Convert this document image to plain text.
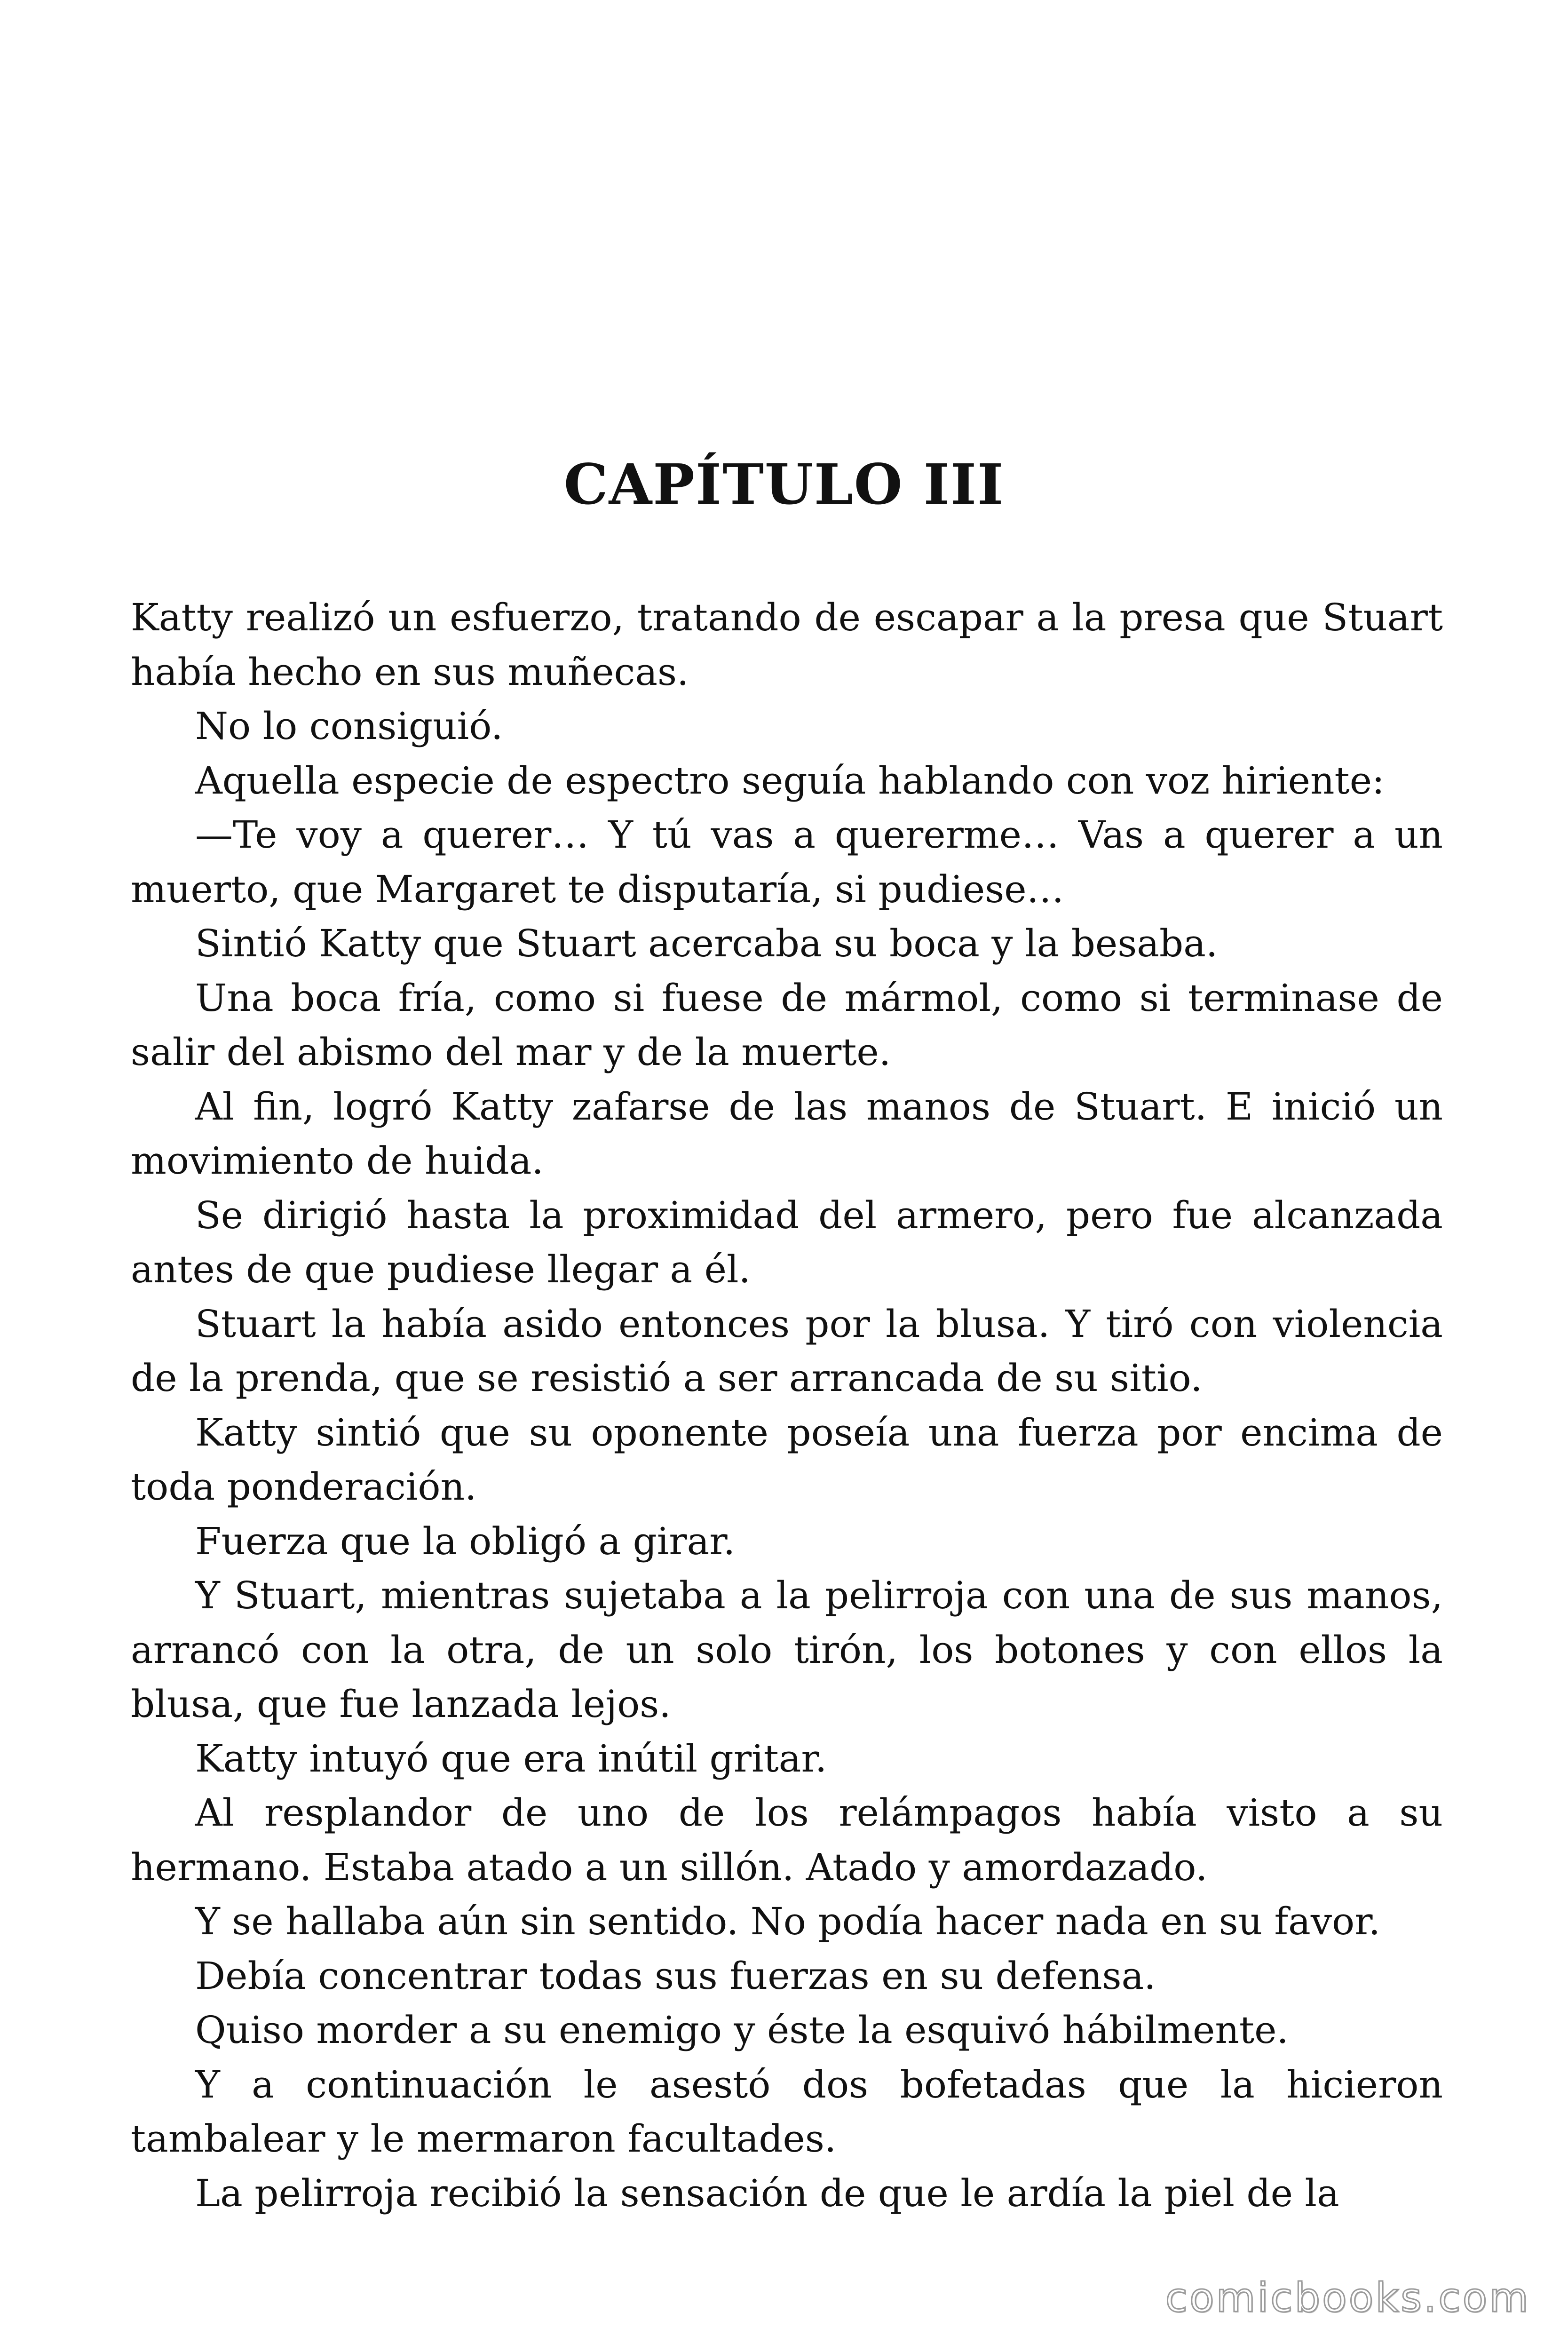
CAPÍTULO III

Katty realizó un esfuerzo, tratando de escapar a la presa que Stuart había hecho en sus muñecas.

No lo consiguió.

Aquella especie de espectro seguía hablando con voz hiriente:

—Te voy a querer… Y tú vas a quererme… Vas a querer a un muerto, que Margaret te disputaría, si pudiese…

Sintió Katty que Stuart acercaba su boca y la besaba.

Una boca fría, como si fuese de mármol, como si terminase de salir del abismo del mar y de la muerte.

Al fin, logró Katty zafarse de las manos de Stuart. E inició un movimiento de huida.

Se dirigió hasta la proximidad del armero, pero fue alcanzada antes de que pudiese llegar a él.

Stuart la había asido entonces por la blusa. Y tiró con violencia de la prenda, que se resistió a ser arrancada de su sitio.

Katty sintió que su oponente poseía una fuerza por encima de toda ponderación.

Fuerza que la obligó a girar.

Y Stuart, mientras sujetaba a la pelirroja con una de sus manos, arrancó con la otra, de un solo tirón, los botones y con ellos la blusa, que fue lanzada lejos.

Katty intuyó que era inútil gritar.

Al resplandor de uno de los relámpagos había visto a su hermano. Estaba atado a un sillón. Atado y amordazado.

Y se hallaba aún sin sentido. No podía hacer nada en su favor.

Debía concentrar todas sus fuerzas en su defensa.

Quiso morder a su enemigo y éste la esquivó hábilmente.

Y a continuación le asestó dos bofetadas que la hicieron tambalear y le mermaron facultades.

La pelirroja recibió la sensación de que le ardía la piel de la

comicbooks.com
